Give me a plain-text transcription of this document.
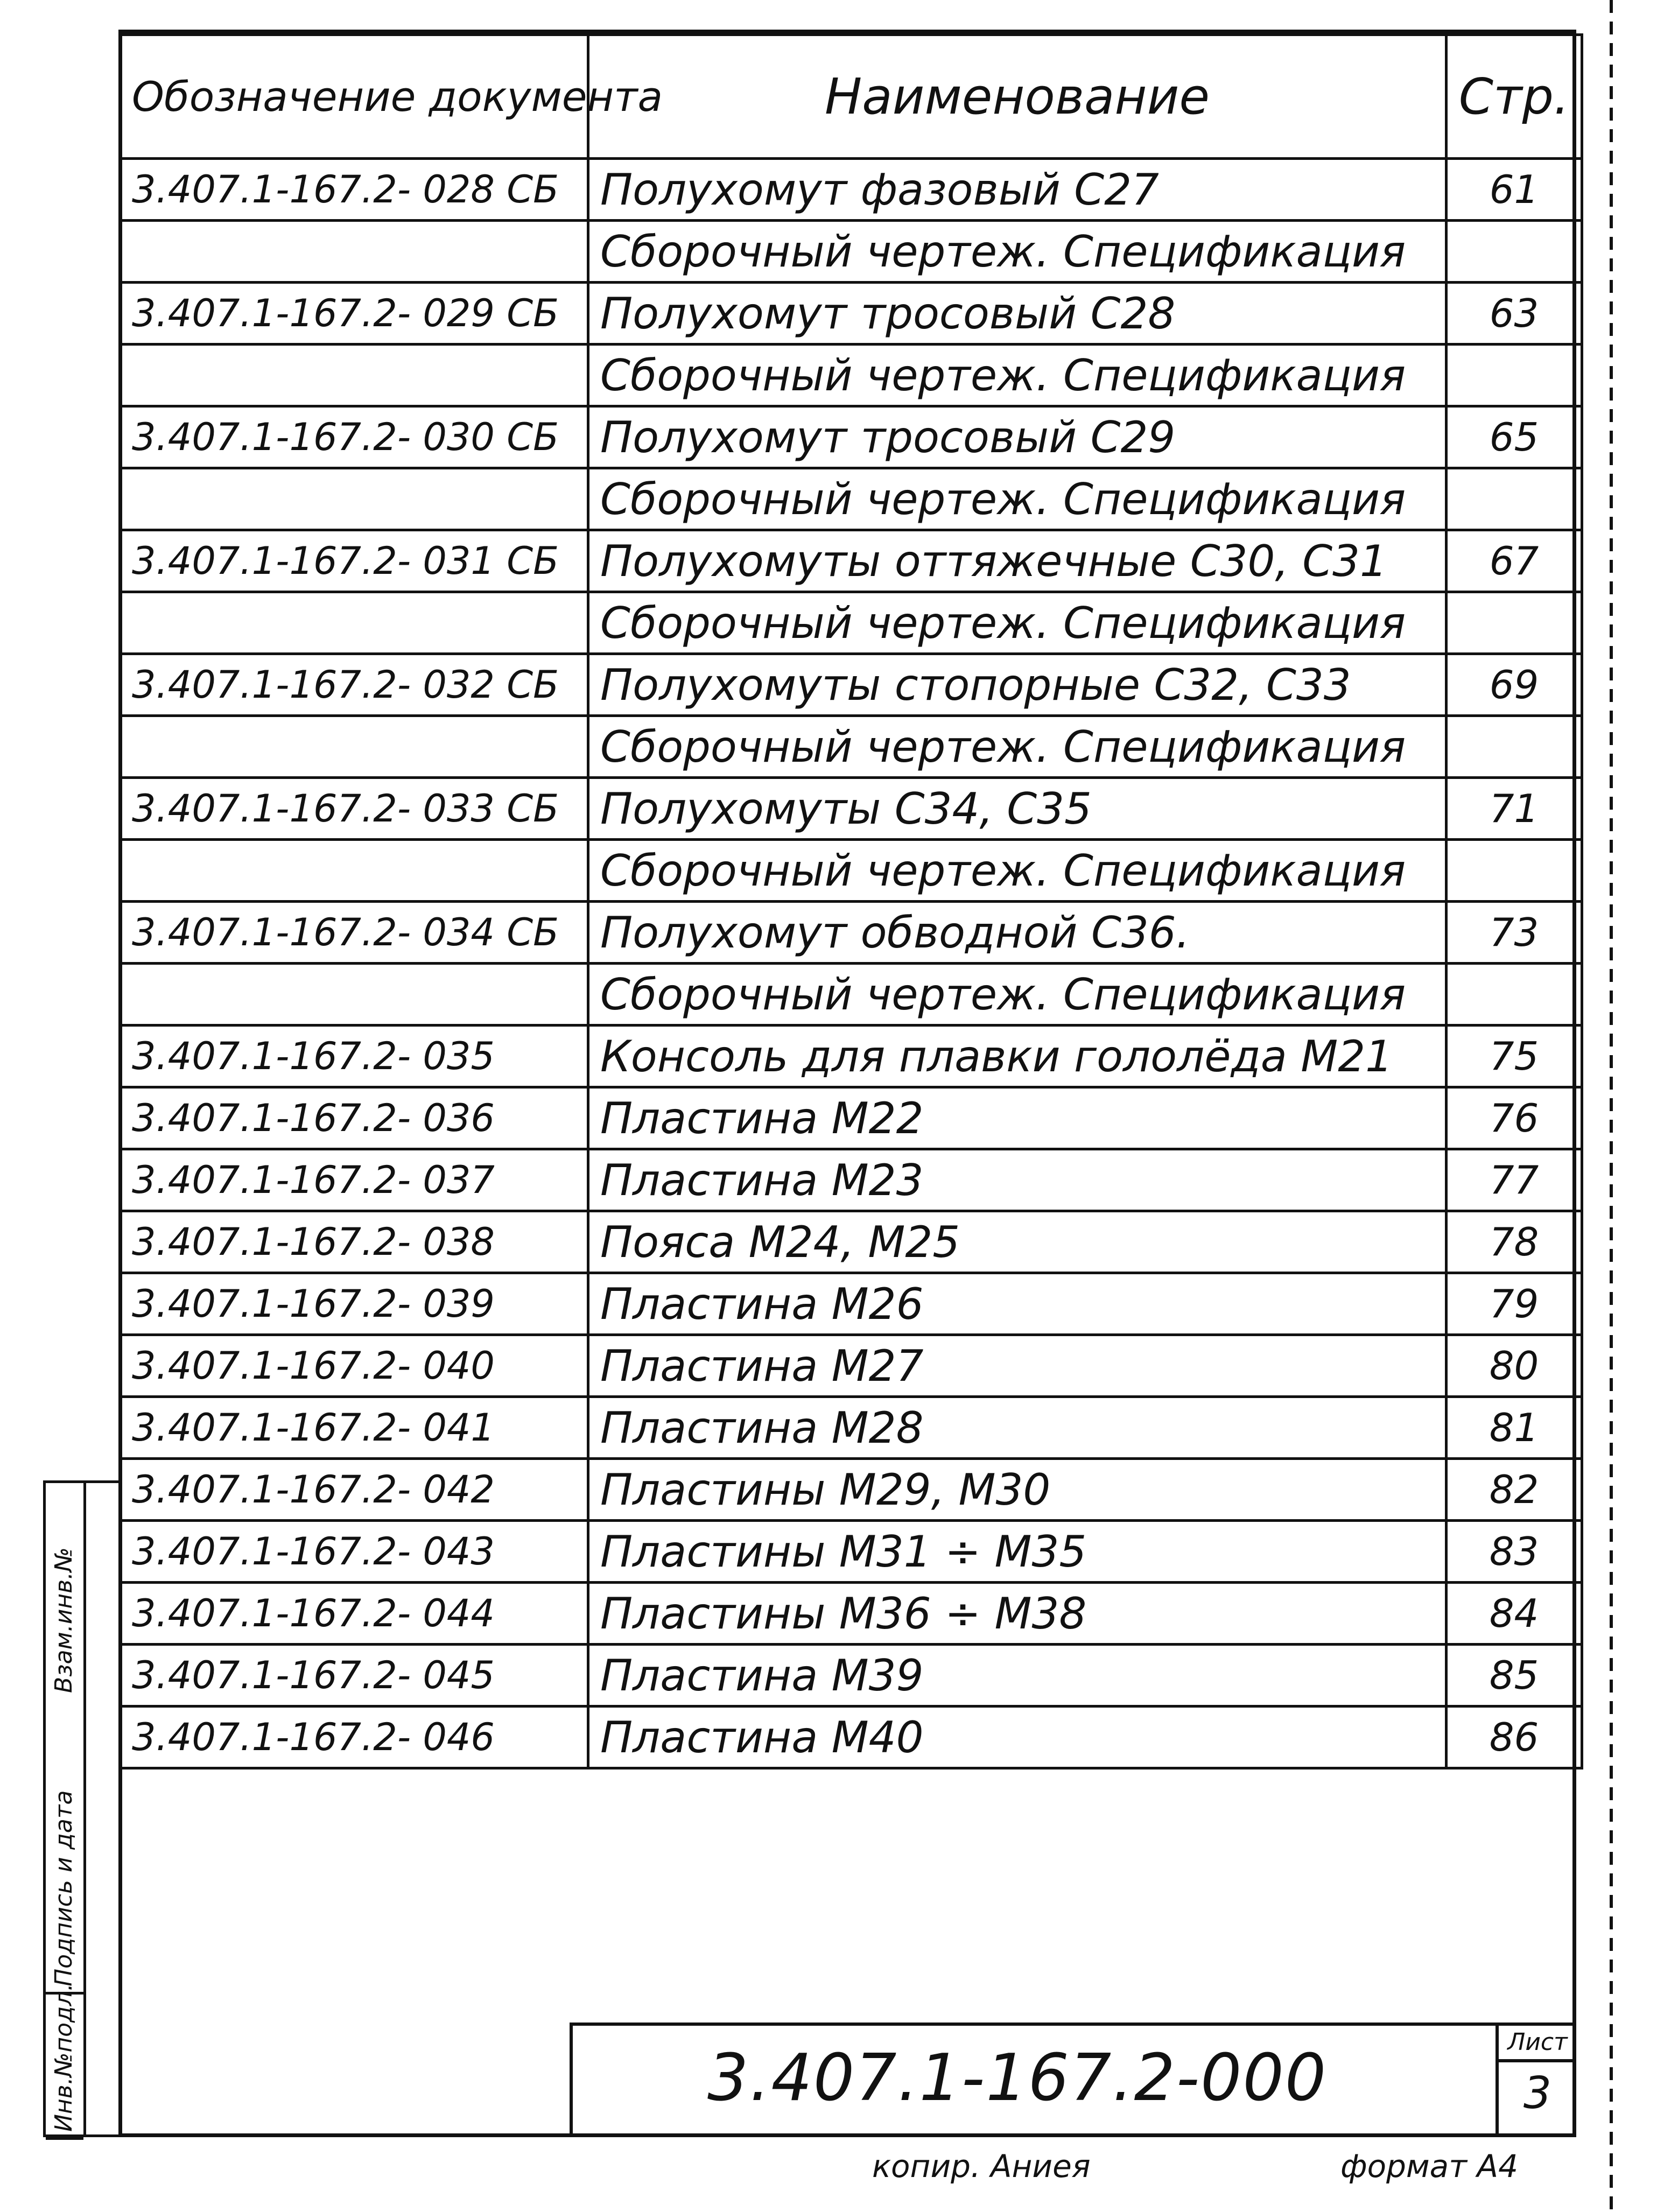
Обозначение документа	Наименование	Стр.
3.407.1-167.2- 028 СБ	Полухомут фазовый С27	61
	Сборочный чертеж. Спецификация	
3.407.1-167.2- 029 СБ	Полухомут тросовый С28	63
	Сборочный чертеж. Спецификация	
3.407.1-167.2- 030 СБ	Полухомут тросовый С29	65
	Сборочный чертеж. Спецификация	
3.407.1-167.2- 031 СБ	Полухомуты оттяжечные С30, С31	67
	Сборочный чертеж. Спецификация	
3.407.1-167.2- 032 СБ	Полухомуты стопорные С32, С33	69
	Сборочный чертеж. Спецификация	
3.407.1-167.2- 033 СБ	Полухомуты С34, С35	71
	Сборочный чертеж. Спецификация	
3.407.1-167.2- 034 СБ	Полухомут обводной С36.	73
	Сборочный чертеж. Спецификация	
3.407.1-167.2- 035	Консоль для плавки гололёда М21	75
3.407.1-167.2- 036	Пластина М22	76
3.407.1-167.2- 037	Пластина М23	77
3.407.1-167.2- 038	Пояса М24, М25	78
3.407.1-167.2- 039	Пластина М26	79
3.407.1-167.2- 040	Пластина М27	80
3.407.1-167.2- 041	Пластина М28	81
3.407.1-167.2- 042	Пластины М29, М30	82
3.407.1-167.2- 043	Пластины М31 ÷ М35	83
3.407.1-167.2- 044	Пластины М36 ÷ М38	84
3.407.1-167.2- 045	Пластина М39	85
3.407.1-167.2- 046	Пластина М40	86
Инв.№подл.
Подпись и дата
Взам.инв.№
3.407.1-167.2-000	Лист
3
копир. Аниея	формат А4
